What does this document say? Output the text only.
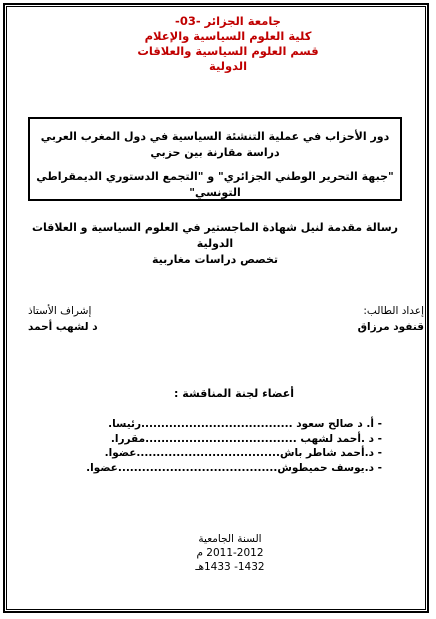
جامعة الجزائر -03-
كلية العلوم السياسية والإعلام
قسم العلوم السياسية والعلاقات الدولية
دور الأحزاب في عملية التنشئة السياسية في دول المغرب العربي
دراسة مقارنة بين حزبي
"جبهة التحرير الوطني الجزائري" و "التجمع الدستوري الديمقراطي التونسي"
رسالة مقدمة لنيل شهادة الماجستير في العلوم السياسية و العلاقات الدولية
تخصص دراسات مغاربية
إعداد الطالب:
قنفود مرزاق
إشراف الأستاذ
د لشهب أحمد
أعضاء لجنة المناقشة :
- أ. د صالح سعود ......................................رئيسا.
- د .أحمد لشهب ......................................مقررا.
- د.أحمد شاطر باش....................................عضوا.
- د.يوسف حميطوش........................................عضوا.
السنة الجامعية
2011-2012 م
1432- 1433هـ
